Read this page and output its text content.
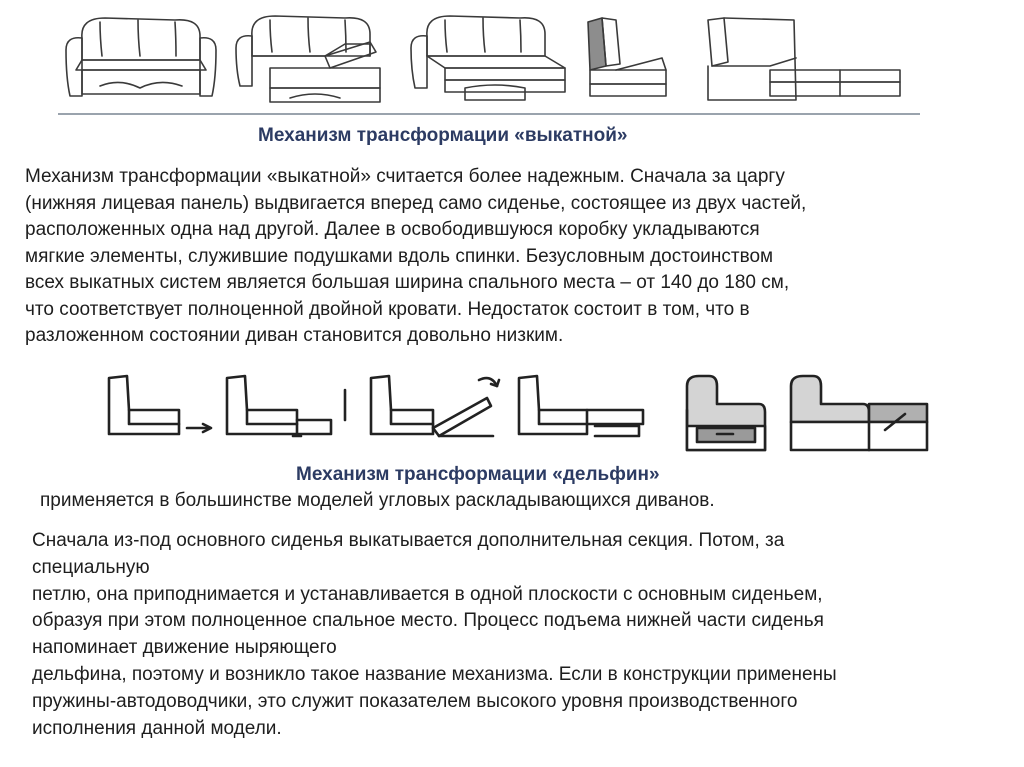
Механизм трансформации «выкатной»
Механизм трансформации «выкатной» считается более надежным. Сначала за царгу
(нижняя лицевая панель) выдвигается вперед само сиденье, состоящее из двух частей,
расположенных одна над другой. Далее в освободившуюся коробку укладываются
мягкие элементы, служившие подушками вдоль спинки. Безусловным достоинством
всех выкатных систем является большая ширина спального места – от 140 до 180 см,
что соответствует полноценной двойной кровати. Недостаток состоит в том, что в
разложенном состоянии диван становится довольно низким.
Механизм трансформации «дельфин»

применяется в большинстве моделей угловых раскладывающихся диванов.

Сначала из-под основного сиденья выкатывается дополнительная секция. Потом, за
специальную
петлю, она приподнимается и устанавливается в одной плоскости с основным сиденьем,
образуя при этом полноценное спальное место. Процесс подъема нижней части сиденья
напоминает движение ныряющего
дельфина, поэтому и возникло такое название механизма. Если в конструкции применены
пружины-автодоводчики, это служит показателем высокого уровня производственного
исполнения данной модели.
